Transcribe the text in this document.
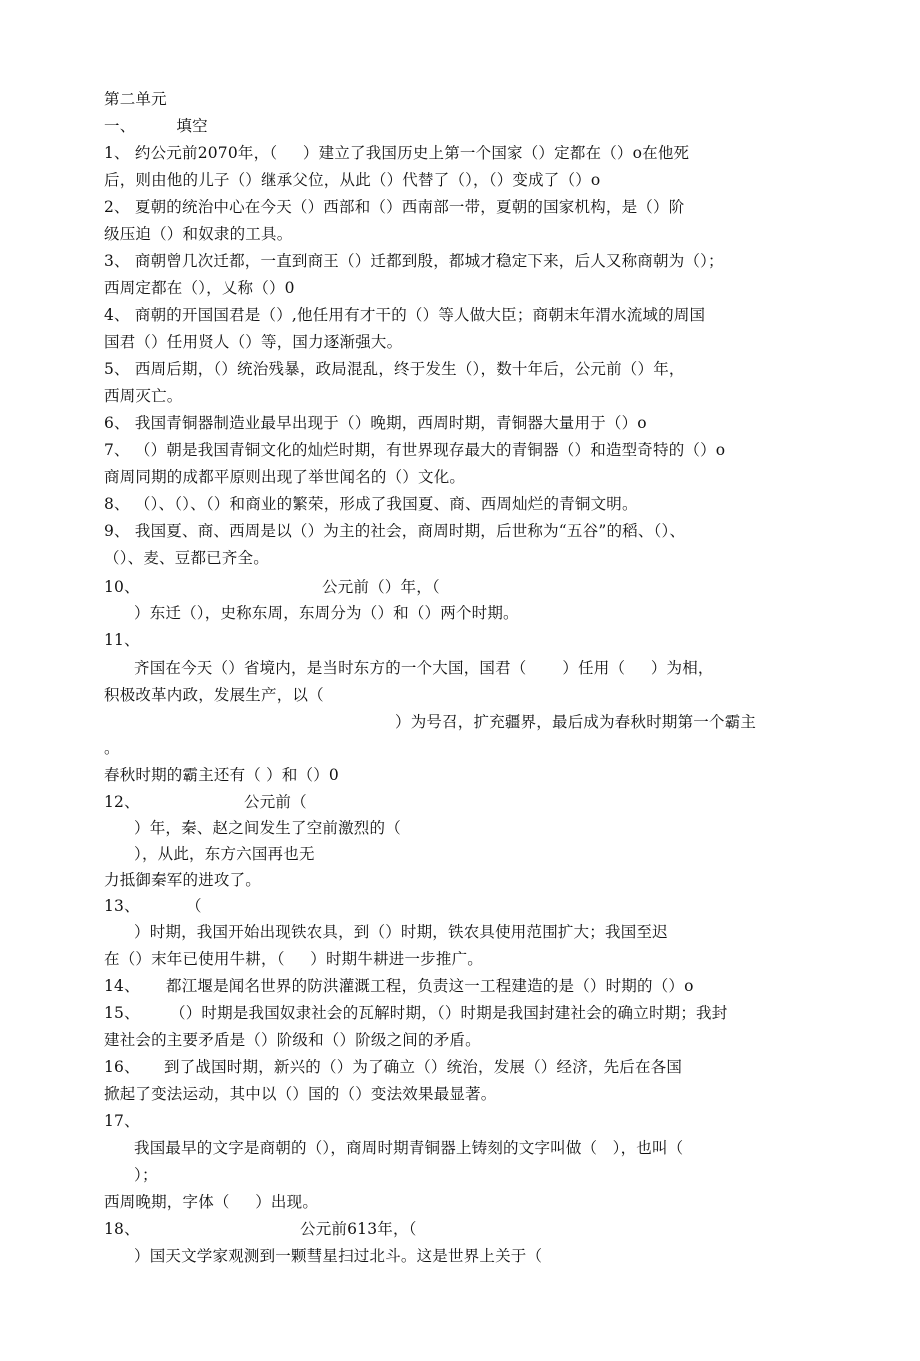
第二单元
一、        填空
1、 约公元前2070年，（     ）建立了我国历史上第一个国家（）定都在（）o在他死
后，则由他的儿子（）继承父位，从此（）代替了（），（）变成了（）o
2、 夏朝的统治中心在今天（）西部和（）西南部一带，夏朝的国家机构，是（）阶
级压迫（）和奴隶的工具。
3、 商朝曾几次迁都，一直到商王（）迁都到殷，都城才稳定下来，后人又称商朝为（）；
西周定都在（），乂称（）0
4、 商朝的开国国君是（）,他任用有才干的（）等人做大臣；商朝末年渭水流域的周国
国君（）任用贤人（）等，国力逐渐强大。
5、 西周后期，（）统治残暴，政局混乱，终于发生（），数十年后，公元前（）年，
西周灭亡。
6、 我国青铜器制造业最早出现于（）晚期，西周时期，青铜器大量用于（）o
7、 （）朝是我国青铜文化的灿烂时期，有世界现存最大的青铜器（）和造型奇特的（）o
商周同期的成都平原则出现了举世闻名的（）文化。
8、 （）、（）、（）和商业的繁荣，形成了我国夏、商、西周灿烂的青铜文明。
9、 我国夏、商、西周是以（）为主的社会，商周时期，后世称为“五谷”的稻、（）、
（）、麦、豆都已齐全。
10、	公元前（）年，（
）东迁（），史称东周，东周分为（）和（）两个时期。
11、
齐国在今天（）省境内，是当时东方的一个大国，国君（       ）任用（     ）为相，
积极改革内政，发展生产，以（
）为号召，扩充疆界，最后成为春秋时期第一个霸主
。
春秋时期的霸主还有（ ）和（）0
12、	公元前（
）年，秦、赵之间发生了空前激烈的（
），从此，东方六国再也无
力抵御秦军的进攻了。
13、	（
）时期，我国开始出现铁农具，到（）时期，铁农具使用范围扩大；我国至迟
在（）末年已使用牛耕，（     ）时期牛耕进一步推广。
14、 都江堰是闻名世界的防洪灌溉工程，负责这一工程建造的是（）时期的（）o
15、 （）时期是我国奴隶社会的瓦解时期，（）时期是我国封建社会的确立时期；我封
建社会的主要矛盾是（）阶级和（）阶级之间的矛盾。
16、 到了战国时期，新兴的（）为了确立（）统治，发展（）经济，先后在各国
掀起了变法运动，其中以（）国的（）变法效果最显著。
17、
我国最早的文字是商朝的（），商周时期青铜器上铸刻的文字叫做（   ），也叫（
）；
西周晚期，字体（     ）出现。
18、	公元前613年，（
）国天文学家观测到一颗彗星扫过北斗。这是世界上关于（
